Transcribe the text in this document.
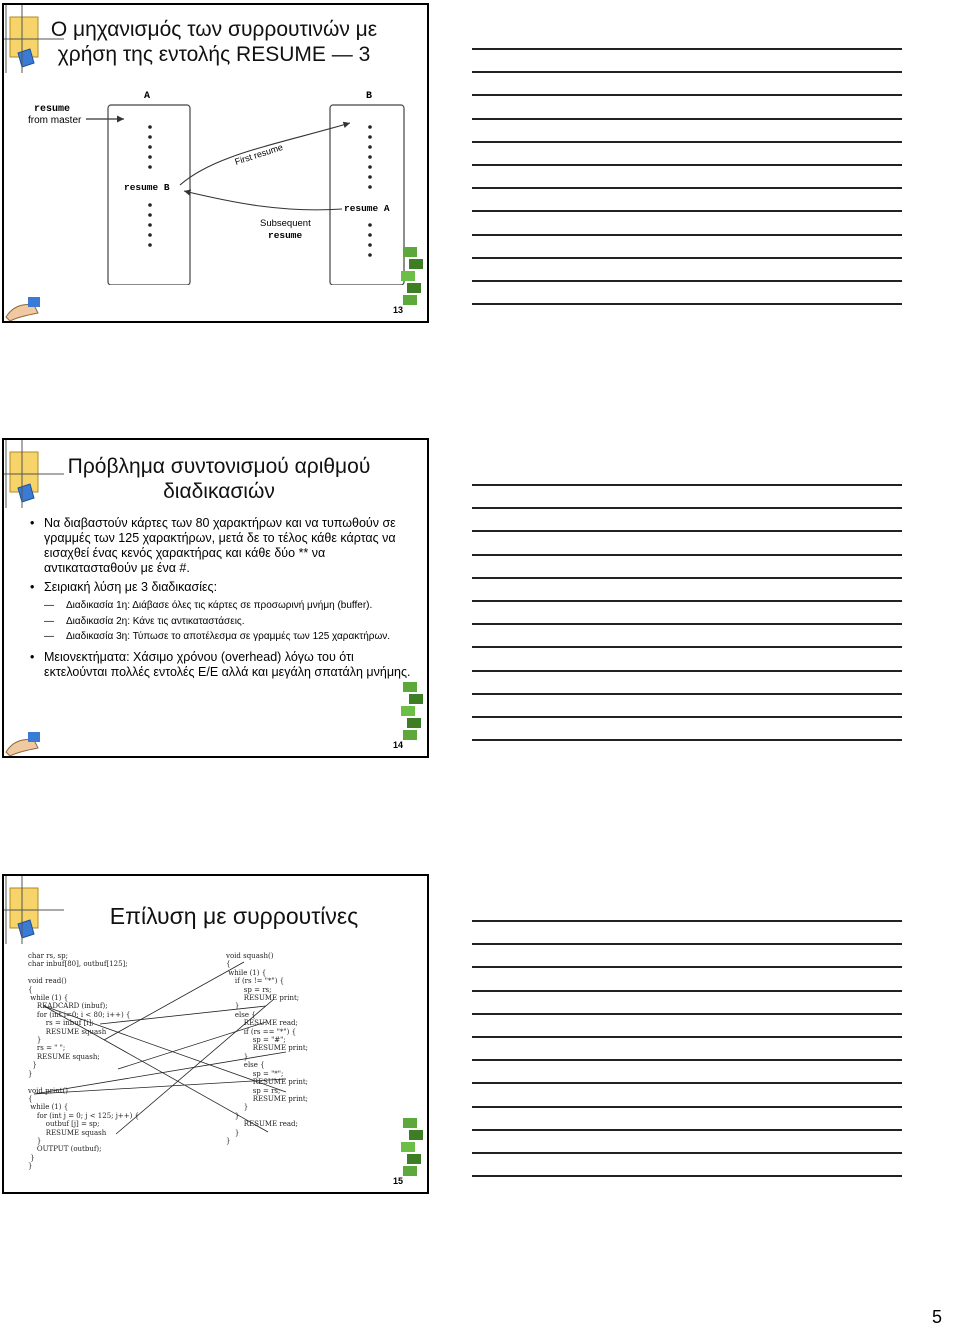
Ο μηχανισμός των συρρουτινών με
χρήση της εντολής RESUME — 3
A	B
resume
from master
resume B
resume A
First resume
Subsequent
resume
13
Πρόβλημα συντονισμού αριθμού
διαδικασιών
• Να διαβαστούν κάρτες των 80 χαρακτήρων και να τυπωθούν σε γραμμές των 125 χαρακτήρων, μετά δε το τέλος κάθε κάρτας να εισαχθεί ένας κενός χαρακτήρας και κάθε δύο ** να αντικατασταθούν με ένα #.
• Σειριακή λύση με 3 διαδικασίες:
— Διαδικασία 1η: Διάβασε όλες τις κάρτες σε προσωρινή μνήμη (buffer).
— Διαδικασία 2η: Κάνε τις αντικαταστάσεις.
— Διαδικασία 3η: Τύπωσε το αποτέλεσμα σε γραμμές των 125 χαρακτήρων.
• Μειονεκτήματα: Χάσιμο χρόνου (overhead) λόγω του ότι εκτελούνται πολλές εντολές Ε/Ε αλλά και μεγάλη σπατάλη μνήμης.
14
Επίλυση με συρρουτίνες
char rs, sp;
char inbuf[80], outbuf[125];

void read()
{
while (1) {
READCARD (inbuf);
for (int i=0; i < 80; i++) {
rs = inbuf [i];
RESUME squash
}
rs = " ";
RESUME squash;
}
}

void print()
{
while (1) {
for (int j = 0; j < 125; j++) {
outbuf [j] = sp;
RESUME squash
}
OUTPUT (outbuf);
}
}
void squash()
{
while (1) {
if (rs != "*") {
sp = rs;
RESUME print;
}
else {
RESUME read;
if (rs == "*") {
sp = "#";
RESUME print;
}
else {
sp = "*";
RESUME print;
sp = rs;
RESUME print;
}
}
RESUME read;
}
}
15
5
